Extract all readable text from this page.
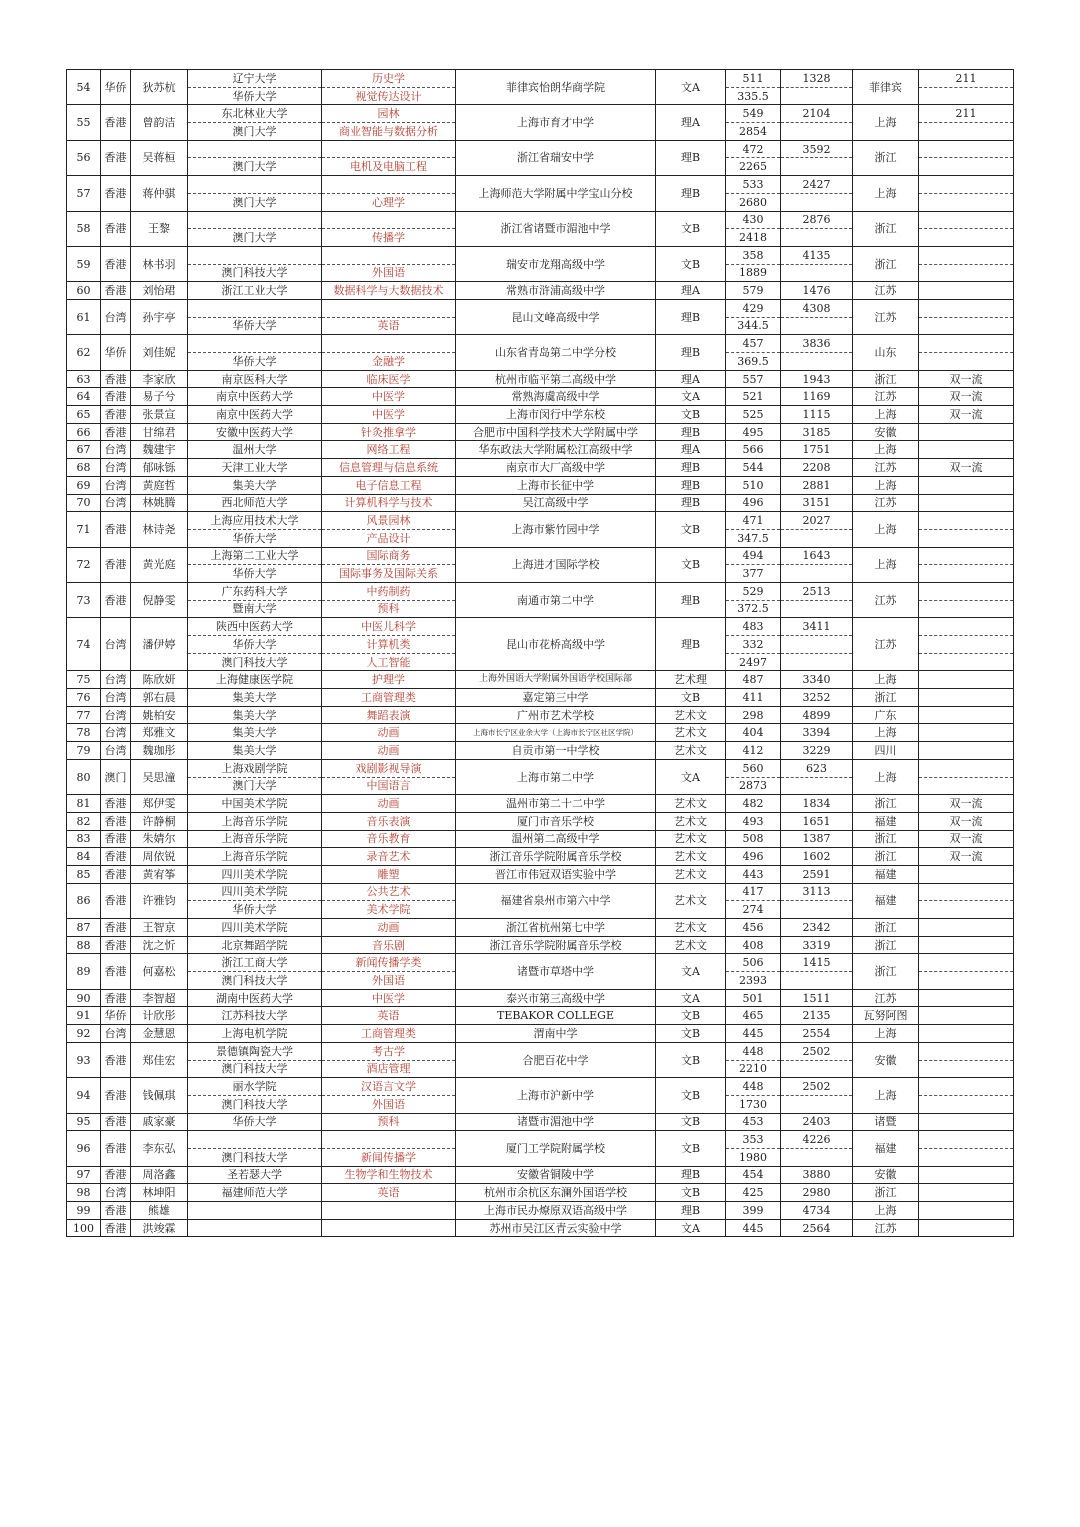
54	华侨	狄苏杭	辽宁大学	历史学	菲律宾怡朗华商学院	文A	511	1328	菲律宾	211
			华侨大学	视觉传达设计			335.5			
55	香港	曾韵洁	东北林业大学	园林	上海市育才中学	理A	549	2104	上海	211
			澳门大学	商业智能与数据分析			2854			
56	香港	吴蒋桓			浙江省瑞安中学	理B	472	3592	浙江	
			澳门大学	电机及电脑工程			2265			
57	香港	蒋仲骐			上海师范大学附属中学宝山分校	理B	533	2427	上海	
			澳门大学	心理学			2680			
58	香港	王黎			浙江省诸暨市湄池中学	文B	430	2876	浙江	
			澳门大学	传播学			2418			
59	香港	林书羽			瑞安市龙翔高级中学	文B	358	4135	浙江	
			澳门科技大学	外国语			1889			
60	香港	刘怡珺	浙江工业大学	数据科学与大数据技术	常熟市浒浦高级中学	理A	579	1476	江苏	
61	台湾	孙宇亭			昆山文峰高级中学	理B	429	4308	江苏	
			华侨大学	英语			344.5			
62	华侨	刘佳妮			山东省青岛第二中学分校	理B	457	3836	山东	
			华侨大学	金融学			369.5			
63	香港	李家欣	南京医科大学	临床医学	杭州市临平第二高级中学	理A	557	1943	浙江	双一流
64	香港	易子兮	南京中医药大学	中医学	常熟海虞高级中学	文A	521	1169	江苏	双一流
65	香港	张景宣	南京中医药大学	中医学	上海市闵行中学东校	文B	525	1115	上海	双一流
66	香港	甘绵君	安徽中医药大学	针灸推拿学	合肥市中国科学技术大学附属中学	理B	495	3185	安徽	
67	台湾	魏建宇	温州大学	网络工程	华东政法大学附属松江高级中学	理A	566	1751	上海	
68	台湾	郁咏铄	天津工业大学	信息管理与信息系统	南京市大厂高级中学	理B	544	2208	江苏	双一流
69	台湾	黄庭哲	集美大学	电子信息工程	上海市长征中学	理B	510	2881	上海	
70	台湾	林姚腾	西北师范大学	计算机科学与技术	吴江高级中学	理B	496	3151	江苏	
71	香港	林诗尧	上海应用技术大学	风景园林	上海市紫竹园中学	文B	471	2027	上海	
			华侨大学	产品设计			347.5			
72	香港	黄光庭	上海第二工业大学	国际商务	上海进才国际学校	文B	494	1643	上海	
			华侨大学	国际事务及国际关系			377			
73	香港	倪静雯	广东药科大学	中药制药	南通市第二中学	理B	529	2513	江苏	
			暨南大学	预科			372.5			
74	台湾	潘伊婷	陕西中医药大学	中医儿科学	昆山市花桥高级中学	理B	483	3411	江苏	
			华侨大学	计算机类			332			
			澳门科技大学	人工智能			2497			
75	台湾	陈欣妍	上海健康医学院	护理学	上海外国语大学附属外国语学校国际部	艺术理	487	3340	上海	
76	台湾	郭右晨	集美大学	工商管理类	嘉定第三中学	文B	411	3252	浙江	
77	台湾	姚柏安	集美大学	舞蹈表演	广州市艺术学校	艺术文	298	4899	广东	
78	台湾	郑雅文	集美大学	动画	上海市长宁区业余大学（上海市长宁区社区学院）	艺术文	404	3394	上海	
79	台湾	魏珈彤	集美大学	动画	自贡市第一中学校	艺术文	412	3229	四川	
80	澳门	吴思潼	上海戏剧学院	戏剧影视导演	上海市第二中学	文A	560	623	上海	
			澳门大学	中国语言			2873			
81	香港	郑伊雯	中国美术学院	动画	温州市第二十二中学	艺术文	482	1834	浙江	双一流
82	香港	许静桐	上海音乐学院	音乐表演	厦门市音乐学校	艺术文	493	1651	福建	双一流
83	香港	朱婧尔	上海音乐学院	音乐教育	温州第二高级中学	艺术文	508	1387	浙江	双一流
84	香港	周依锐	上海音乐学院	录音艺术	浙江音乐学院附属音乐学校	艺术文	496	1602	浙江	双一流
85	香港	黄宥筝	四川美术学院	雕塑	晋江市伟冠双语实验中学	艺术文	443	2591	福建	
86	香港	许雅钧	四川美术学院	公共艺术	福建省泉州市第六中学	艺术文	417	3113	福建	
			华侨大学	美术学院			274			
87	香港	王智京	四川美术学院	动画	浙江省杭州第七中学	艺术文	456	2342	浙江	
88	香港	沈之忻	北京舞蹈学院	音乐剧	浙江音乐学院附属音乐学校	艺术文	408	3319	浙江	
89	香港	何嘉松	浙江工商大学	新闻传播学类	诸暨市草塔中学	文A	506	1415	浙江	
			澳门科技大学	外国语			2393			
90	香港	李智超	湖南中医药大学	中医学	泰兴市第三高级中学	文A	501	1511	江苏	
91	华侨	计欣彤	江苏科技大学	英语	TEBAKOR COLLEGE	文B	465	2135	瓦努阿图	
92	台湾	金慧恩	上海电机学院	工商管理类	渭南中学	文B	445	2554	上海	
93	香港	郑佳宏	景德镇陶瓷大学	考古学	合肥百花中学	文B	448	2502	安徽	
			澳门科技大学	酒店管理			2210			
94	香港	钱佩琪	丽水学院	汉语言文学	上海市沪新中学	文B	448	2502	上海	
			澳门科技大学	外国语			1730			
95	香港	戚家豪	华侨大学	预科	诸暨市湄池中学	文B	453	2403	诸暨	
96	香港	李东弘			厦门工学院附属学校	文B	353	4226	福建	
			澳门科技大学	新闻传播学			1980			
97	香港	周洛鑫	圣若瑟大学	生物学和生物技术	安徽省铜陵中学	理B	454	3880	安徽	
98	台湾	林坤阳	福建师范大学	英语	杭州市余杭区东澜外国语学校	文B	425	2980	浙江	
99	香港	熊雄			上海市民办燎原双语高级中学	理B	399	4734	上海	
100	香港	洪竣霖			苏州市吴江区青云实验中学	文A	445	2564	江苏	
